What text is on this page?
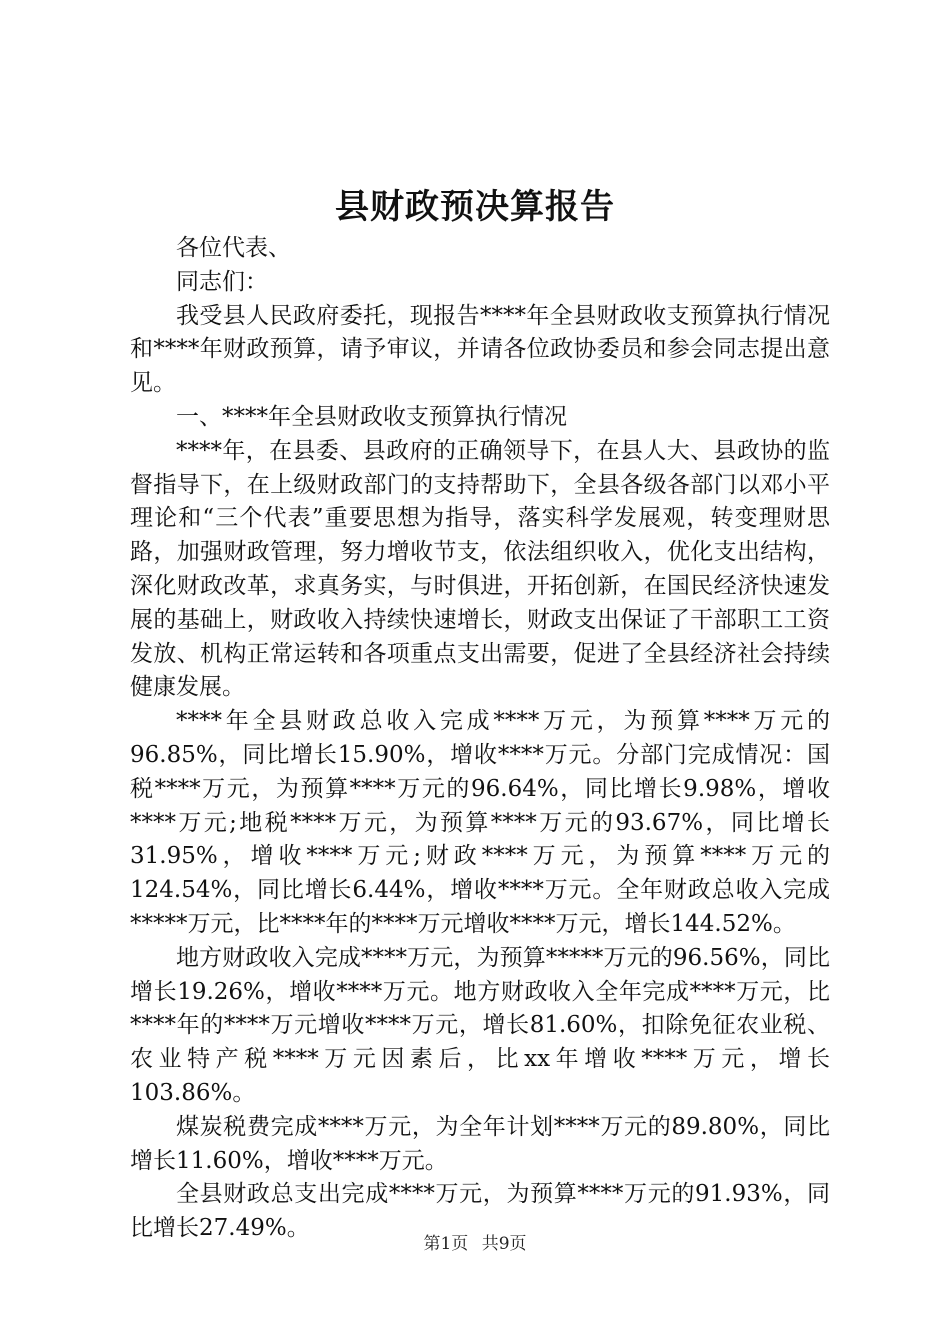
县财政预决算报告

各位代表、

同志们：

我受县人民政府委托，现报告****年全县财政收支预算执行情况和****年财政预算，请予审议，并请各位政协委员和参会同志提出意见。

一、****年全县财政收支预算执行情况

****年，在县委、县政府的正确领导下，在县人大、县政协的监督指导下，在上级财政部门的支持帮助下，全县各级各部门以邓小平理论和“三个代表”重要思想为指导，落实科学发展观，转变理财思路，加强财政管理，努力增收节支，依法组织收入，优化支出结构，深化财政改革，求真务实，与时俱进，开拓创新，在国民经济快速发展的基础上，财政收入持续快速增长，财政支出保证了干部职工工资发放、机构正常运转和各项重点支出需要，促进了全县经济社会持续健康发展。

****年全县财政总收入完成****万元，为预算****万元的96.85%，同比增长15.90%，增收****万元。分部门完成情况：国税****万元，为预算****万元的96.64%，同比增长9.98%，增收****万元;地税****万元，为预算****万元的93.67%，同比增长31.95%，增收****万元;财政****万元，为预算****万元的124.54%，同比增长6.44%，增收****万元。全年财政总收入完成*****万元，比****年的****万元增收****万元，增长144.52%。

地方财政收入完成****万元，为预算*****万元的96.56%，同比增长19.26%，增收****万元。地方财政收入全年完成****万元，比****年的****万元增收****万元，增长81.60%，扣除免征农业税、农业特产税****万元因素后，比xx年增收****万元，增长103.86%。

煤炭税费完成****万元，为全年计划****万元的89.80%，同比增长11.60%，增收****万元。

全县财政总支出完成****万元，为预算****万元的91.93%，同比增长27.49%。

第1页 共9页
